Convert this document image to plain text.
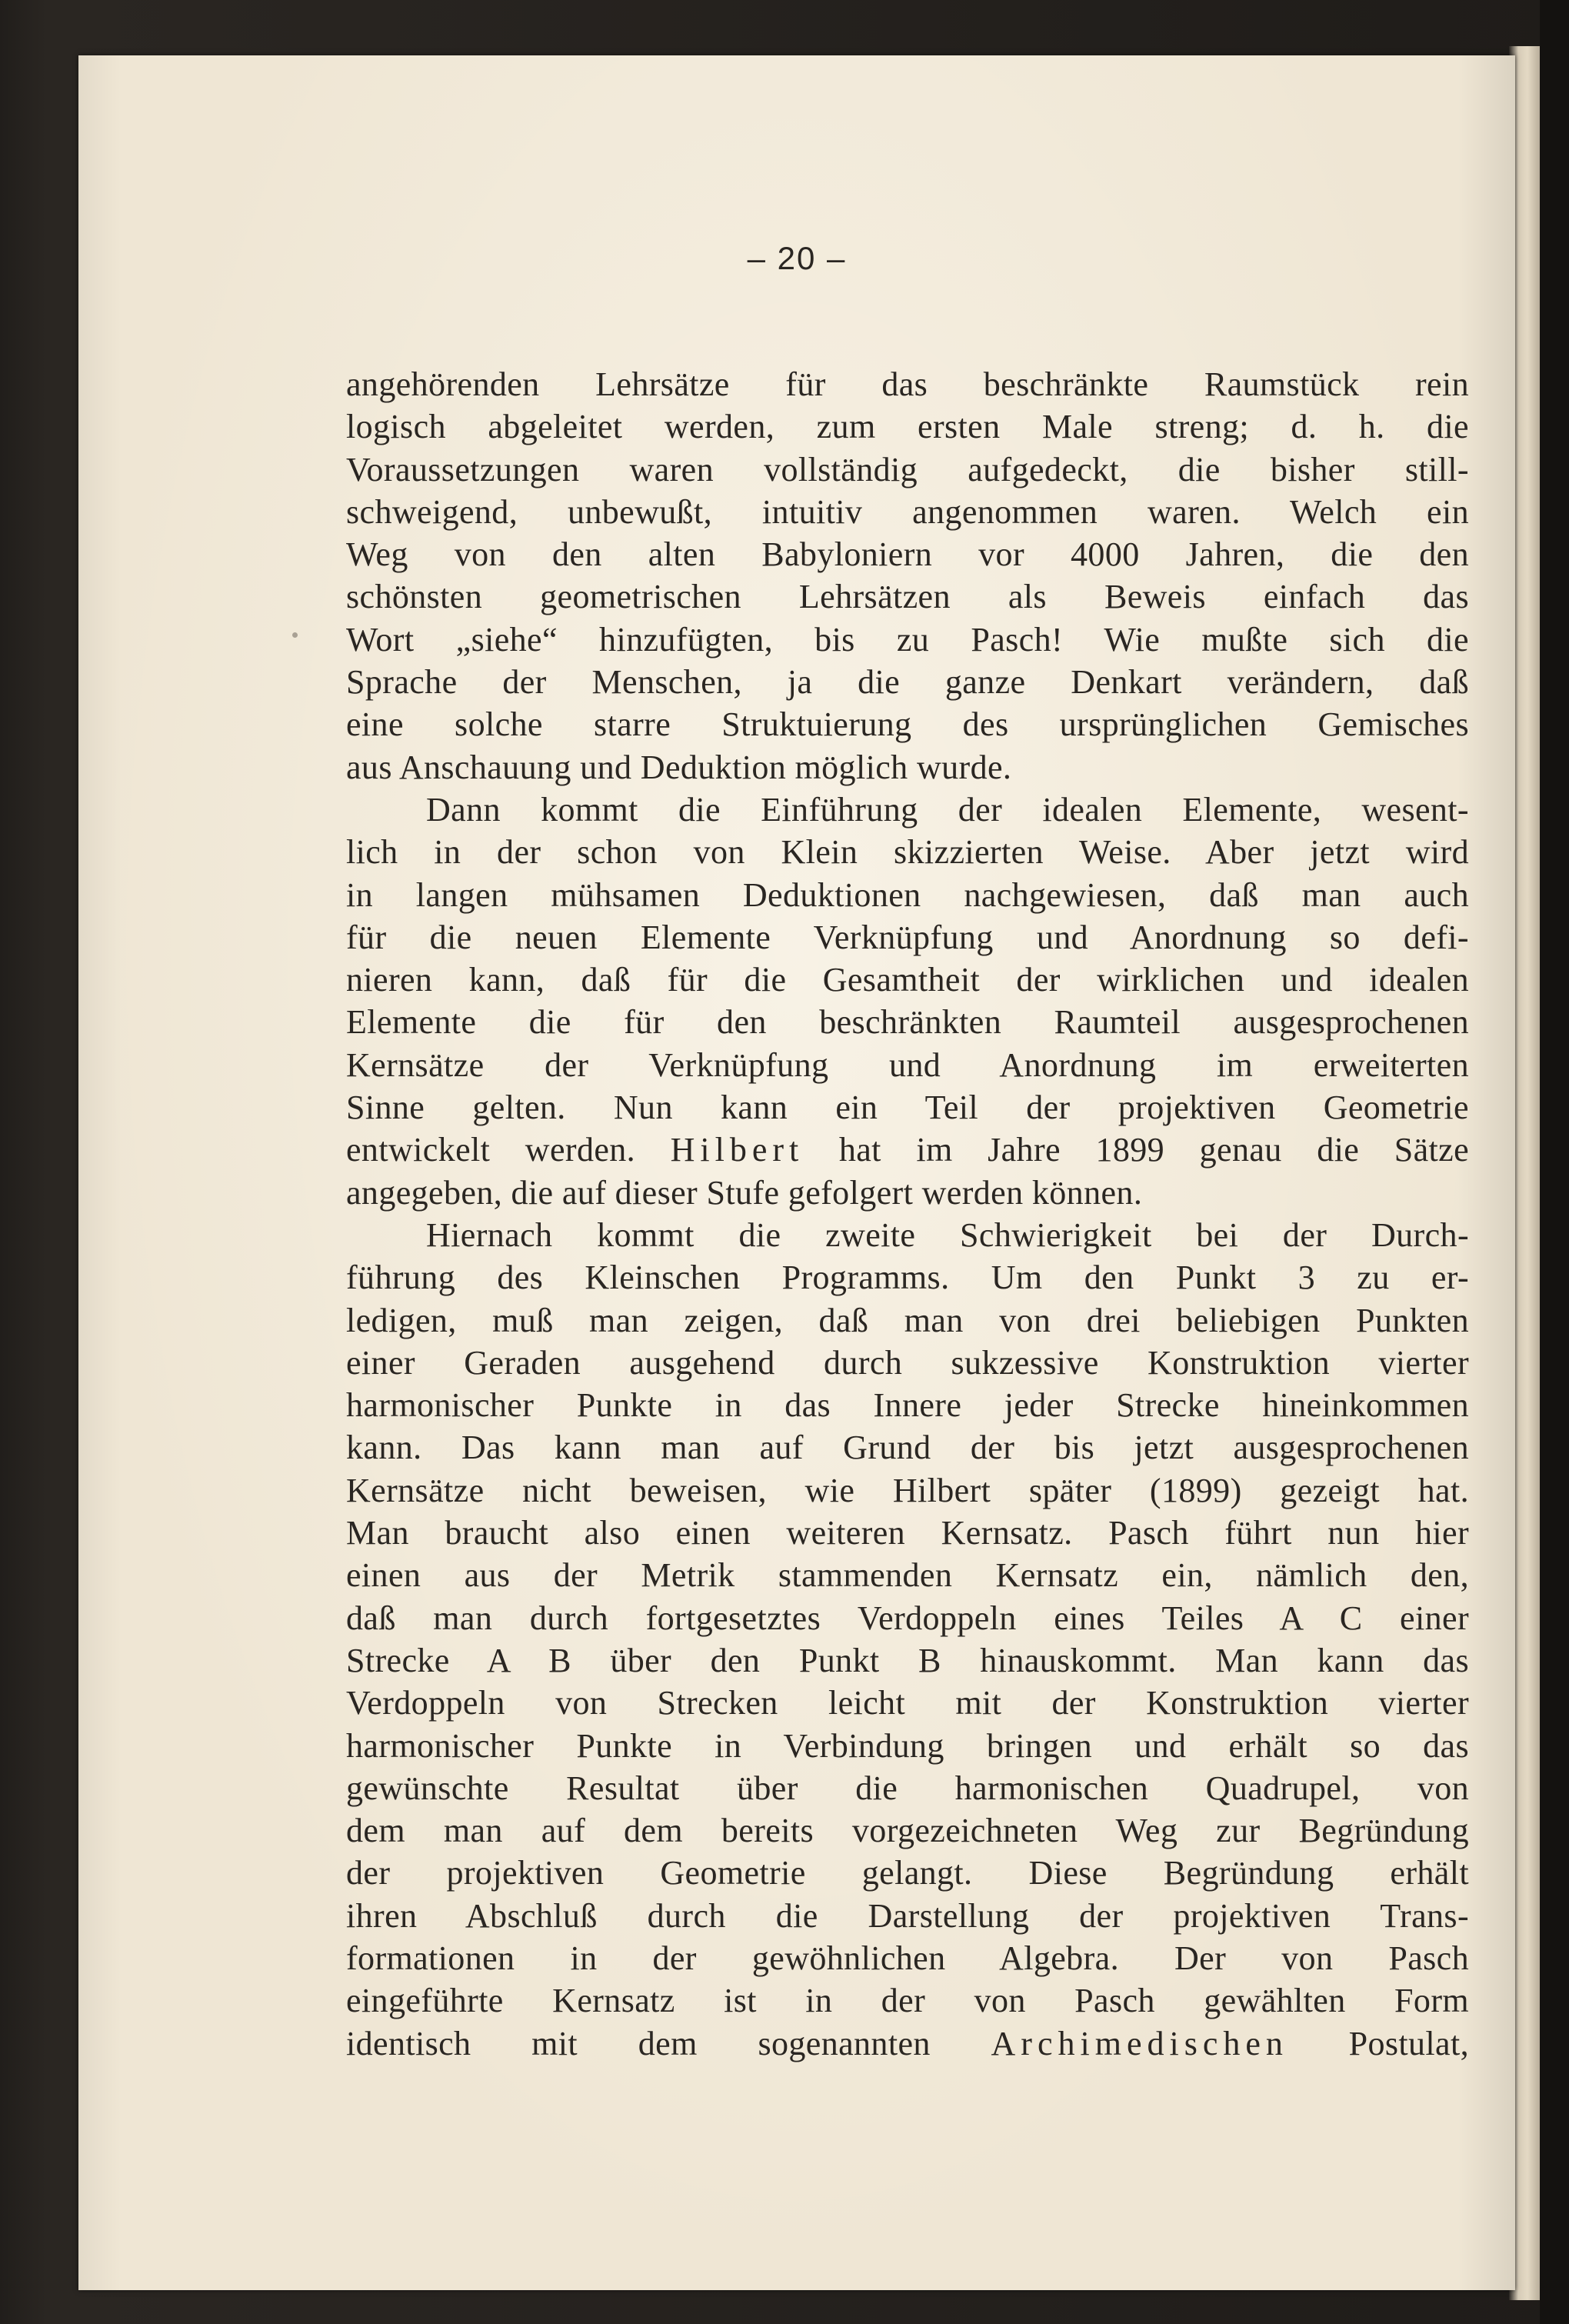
– 20 –
angehörenden Lehrsätze für das beschränkte Raumstück rein
logisch abgeleitet werden, zum ersten Male streng; d. h. die
Voraussetzungen waren vollständig aufgedeckt, die bisher still-
schweigend, unbewußt, intuitiv angenommen waren. Welch ein
Weg von den alten Babyloniern vor 4000 Jahren, die den
schönsten geometrischen Lehrsätzen als Beweis einfach das
Wort „siehe“ hinzufügten, bis zu Pasch! Wie mußte sich die
Sprache der Menschen, ja die ganze Denkart verändern, daß
eine solche starre Struktuierung des ursprünglichen Gemisches
aus Anschauung und Deduktion möglich wurde.
Dann kommt die Einführung der idealen Elemente, wesent-
lich in der schon von Klein skizzierten Weise. Aber jetzt wird
in langen mühsamen Deduktionen nachgewiesen, daß man auch
für die neuen Elemente Verknüpfung und Anordnung so defi-
nieren kann, daß für die Gesamtheit der wirklichen und idealen
Elemente die für den beschränkten Raumteil ausgesprochenen
Kernsätze der Verknüpfung und Anordnung im erweiterten
Sinne gelten. Nun kann ein Teil der projektiven Geometrie
entwickelt werden. Hilbert hat im Jahre 1899 genau die Sätze
angegeben, die auf dieser Stufe gefolgert werden können.
Hiernach kommt die zweite Schwierigkeit bei der Durch-
führung des Kleinschen Programms. Um den Punkt 3 zu er-
ledigen, muß man zeigen, daß man von drei beliebigen Punkten
einer Geraden ausgehend durch sukzessive Konstruktion vierter
harmonischer Punkte in das Innere jeder Strecke hineinkommen
kann. Das kann man auf Grund der bis jetzt ausgesprochenen
Kernsätze nicht beweisen, wie Hilbert später (1899) gezeigt hat.
Man braucht also einen weiteren Kernsatz. Pasch führt nun hier
einen aus der Metrik stammenden Kernsatz ein, nämlich den,
daß man durch fortgesetztes Verdoppeln eines Teiles A C einer
Strecke A B über den Punkt B hinauskommt. Man kann das
Verdoppeln von Strecken leicht mit der Konstruktion vierter
harmonischer Punkte in Verbindung bringen und erhält so das
gewünschte Resultat über die harmonischen Quadrupel, von
dem man auf dem bereits vorgezeichneten Weg zur Begründung
der projektiven Geometrie gelangt. Diese Begründung erhält
ihren Abschluß durch die Darstellung der projektiven Trans-
formationen in der gewöhnlichen Algebra. Der von Pasch
eingeführte Kernsatz ist in der von Pasch gewählten Form
identisch mit dem sogenannten Archimedischen Postulat,
